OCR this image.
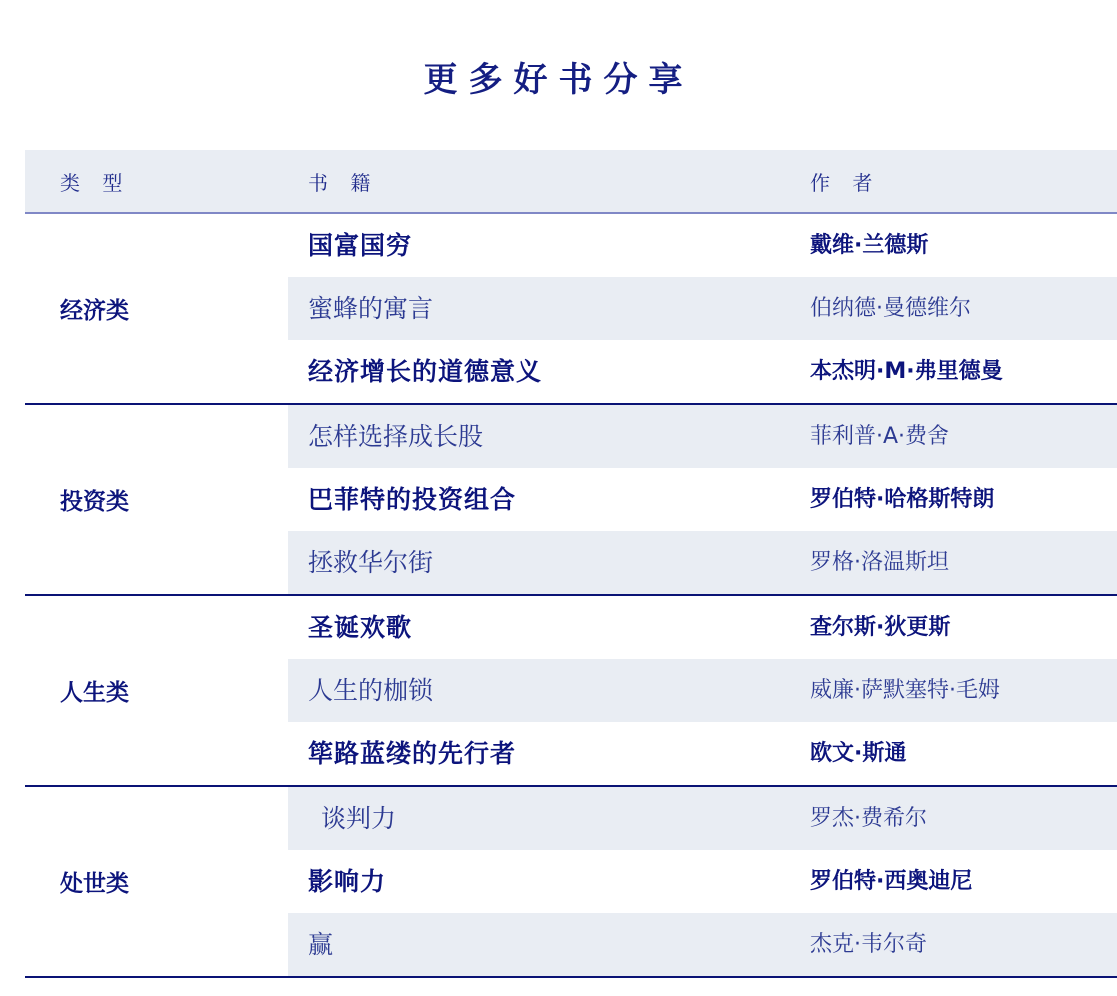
更多好书分享
类 型	书 籍	作 者
经济类
国富国穷	戴维·兰德斯
蜜蜂的寓言	伯纳德·曼德维尔
经济增长的道德意义	本杰明·M·弗里德曼
投资类
怎样选择成长股	菲利普·A·费舍
巴菲特的投资组合	罗伯特·哈格斯特朗
拯救华尔街	罗格·洛温斯坦
人生类
圣诞欢歌	查尔斯·狄更斯
人生的枷锁	威廉·萨默塞特·毛姆
筚路蓝缕的先行者	欧文·斯通
处世类
谈判力	罗杰·费希尔
影响力	罗伯特·西奥迪尼
赢	杰克·韦尔奇
